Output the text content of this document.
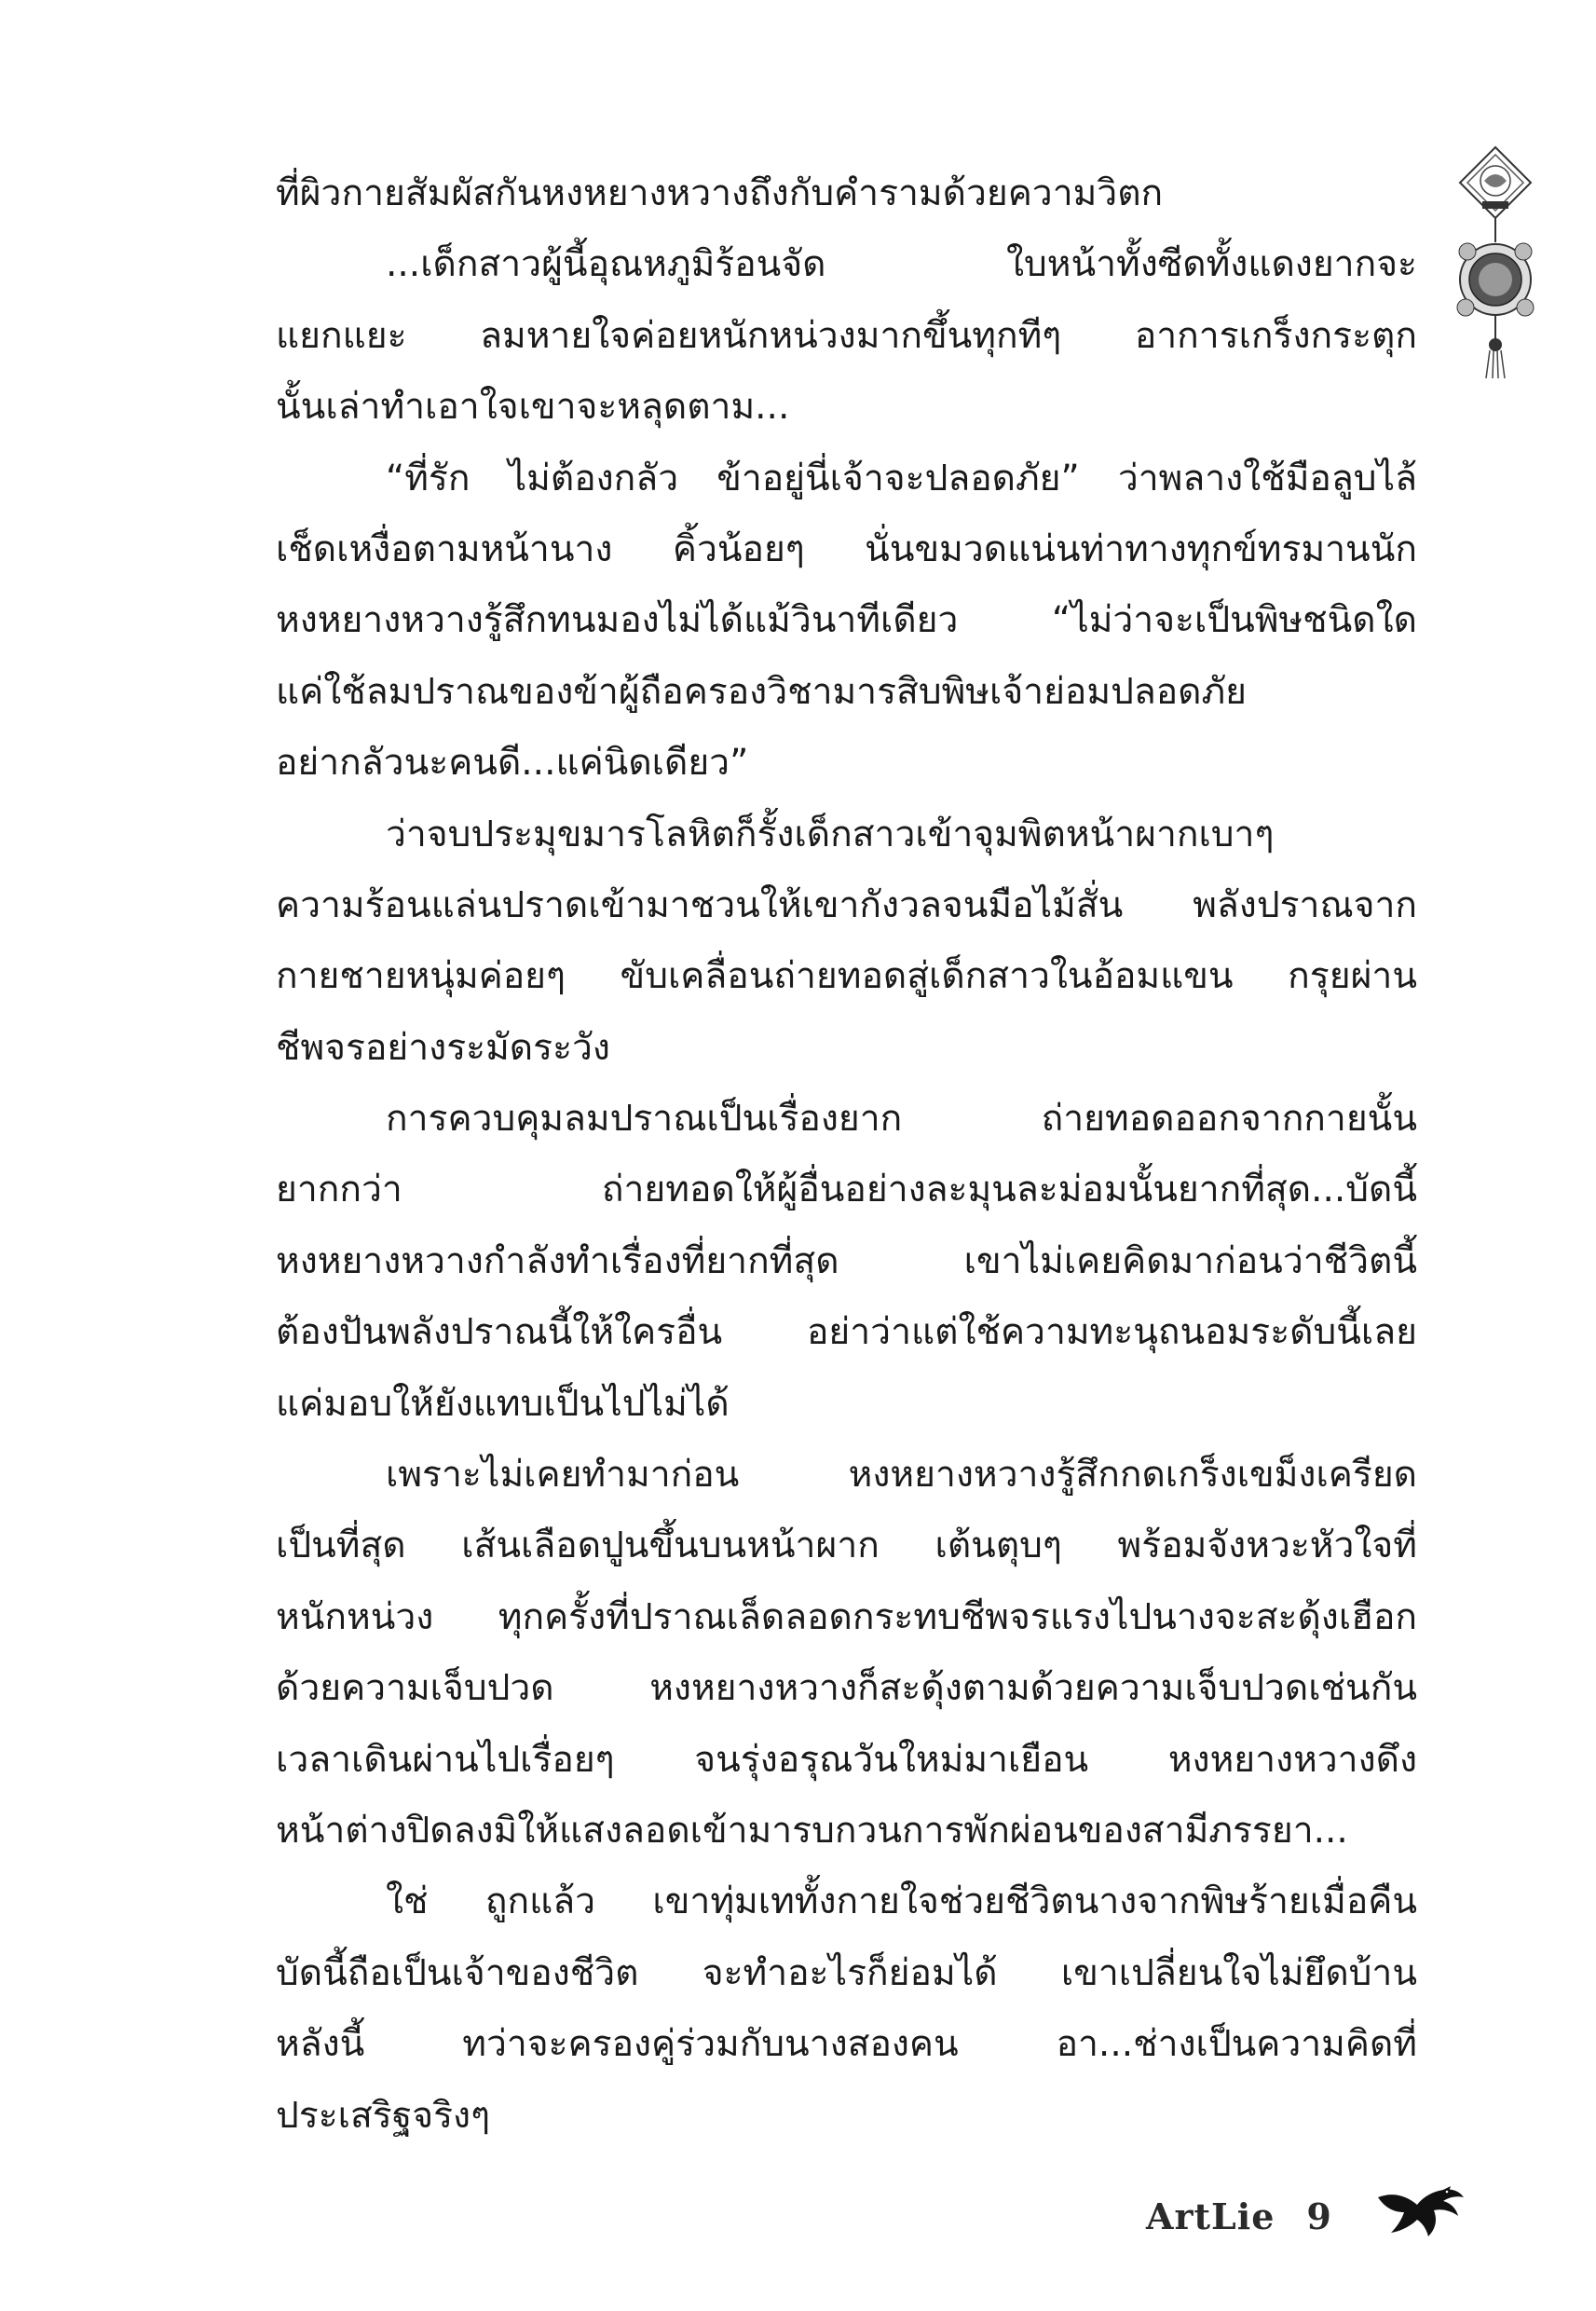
ที่ผิวกายสัมผัสกันหงหยางหวางถึงกับคำรามด้วยความวิตก
...เด็กสาวผู้นี้อุณหภูมิร้อนจัด ใบหน้าทั้งซีดทั้งแดงยากจะ
แยกแยะ ลมหายใจค่อยหนักหน่วงมากขึ้นทุกทีๆ อาการเกร็งกระตุก
นั้นเล่าทำเอาใจเขาจะหลุดตาม...
“ที่รัก ไม่ต้องกลัว ข้าอยู่นี่เจ้าจะปลอดภัย” ว่าพลางใช้มือลูบไล้
เช็ดเหงื่อตามหน้านาง คิ้วน้อยๆ นั่นขมวดแน่นท่าทางทุกข์ทรมานนัก
หงหยางหวางรู้สึกทนมองไม่ได้แม้วินาทีเดียว “ไม่ว่าจะเป็นพิษชนิดใด
แค่ใช้ลมปราณของข้าผู้ถือครองวิชามารสิบพิษเจ้าย่อมปลอดภัย
อย่ากลัวนะคนดี...แค่นิดเดียว”
ว่าจบประมุขมารโลหิตก็รั้งเด็กสาวเข้าจุมพิตหน้าผากเบาๆ
ความร้อนแล่นปราดเข้ามาชวนให้เขากังวลจนมือไม้สั่น พลังปราณจาก
กายชายหนุ่มค่อยๆ ขับเคลื่อนถ่ายทอดสู่เด็กสาวในอ้อมแขน กรุยผ่าน
ชีพจรอย่างระมัดระวัง
การควบคุมลมปราณเป็นเรื่องยาก ถ่ายทอดออกจากกายนั้น
ยากกว่า ถ่ายทอดให้ผู้อื่นอย่างละมุนละม่อมนั้นยากที่สุด...บัดนี้
หงหยางหวางกำลังทำเรื่องที่ยากที่สุด เขาไม่เคยคิดมาก่อนว่าชีวิตนี้
ต้องปันพลังปราณนี้ให้ใครอื่น อย่าว่าแต่ใช้ความทะนุถนอมระดับนี้เลย
แค่มอบให้ยังแทบเป็นไปไม่ได้
เพราะไม่เคยทำมาก่อน หงหยางหวางรู้สึกกดเกร็งเขม็งเครียด
เป็นที่สุด เส้นเลือดปูนขึ้นบนหน้าผาก เต้นตุบๆ พร้อมจังหวะหัวใจที่
หนักหน่วง ทุกครั้งที่ปราณเล็ดลอดกระทบชีพจรแรงไปนางจะสะดุ้งเฮือก
ด้วยความเจ็บปวด หงหยางหวางก็สะดุ้งตามด้วยความเจ็บปวดเช่นกัน
เวลาเดินผ่านไปเรื่อยๆ จนรุ่งอรุณวันใหม่มาเยือน หงหยางหวางดึง
หน้าต่างปิดลงมิให้แสงลอดเข้ามารบกวนการพักผ่อนของสามีภรรยา...
ใช่ ถูกแล้ว เขาทุ่มเททั้งกายใจช่วยชีวิตนางจากพิษร้ายเมื่อคืน
บัดนี้ถือเป็นเจ้าของชีวิต จะทำอะไรก็ย่อมได้ เขาเปลี่ยนใจไม่ยึดบ้าน
หลังนี้ ทว่าจะครองคู่ร่วมกับนางสองคน อา...ช่างเป็นความคิดที่
ประเสริฐจริงๆ
ArtLie 9
